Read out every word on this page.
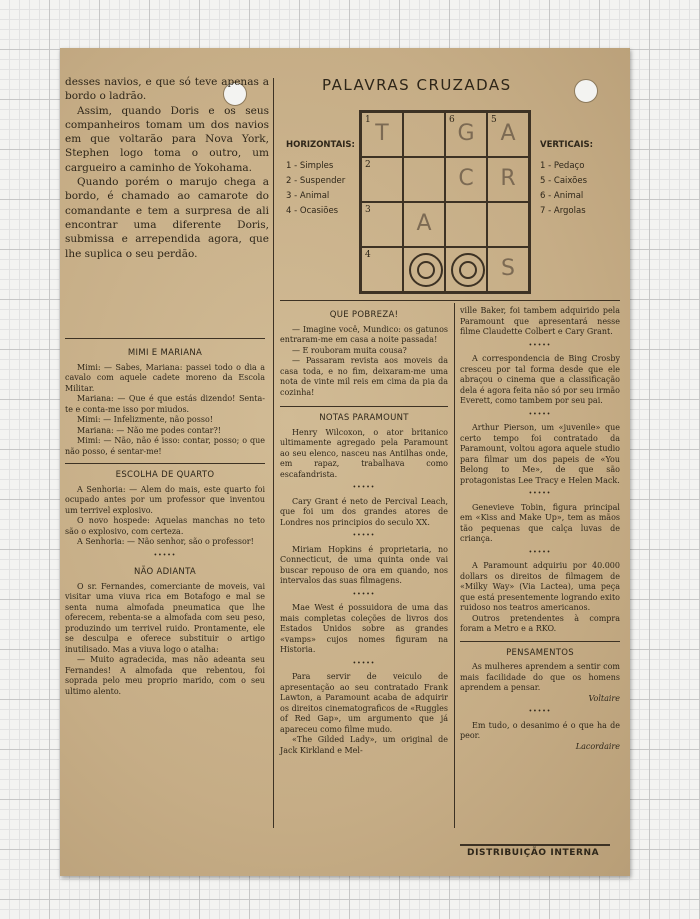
desses navios, e que só teve apenas a bordo o ladrão.

Assim, quando Doris e os seus companheiros tomam um dos navios em que voltarão para Nova York, Stephen logo toma o outro, um cargueiro a caminho de Yokohama.

Quando porém o marujo chega a bordo, é chamado ao camarote do comandante e tem a surpresa de ali encontrar uma diferente Doris, submissa e arrependida agora, que lhe suplica o seu perdão.

PALAVRAS CRUZADAS
HORIZONTAIS:
1 - Simples
2 - Suspender
3 - Animal
4 - Ocasiões
VERTICAIS:
1 - Pedaço
5 - Caixões
6 - Animal
7 - Argolas
1
T
6
G
5
A
2
C	R
3
A
4
S
MIMI E MARIANA

Mimi: — Sabes, Mariana: passei todo o dia a cavalo com aquele cadete moreno da Escola Militar.

Mariana: — Que é que estás dizendo! Senta-te e conta-me isso por miudos.

Mimi: — Infelizmente, não posso!

Mariana: — Não me podes contar?!

Mimi: — Não, não é isso: contar, posso; o que não posso, é sentar-me!

ESCOLHA DE QUARTO

A Senhoria: — Alem do mais, este quarto foi ocupado antes por um professor que inventou um terrivel explosivo.

O novo hospede: Aquelas manchas no teto são o explosivo, com certeza.

A Senhoria: — Não senhor, são o professor!

•••••
NÃO ADIANTA

O sr. Fernandes, comerciante de moveis, vai visitar uma viuva rica em Botafogo e mal se senta numa almofada pneumatica que lhe oferecem, rebenta-se a almofada com seu peso, produzindo um terrivel ruido. Prontamente, ele se desculpa e oferece substituir o artigo inutilisado. Mas a viuva logo o atalha:

— Muito agradecida, mas não adeanta seu Fernandes! A almofada que rebentou, foi soprada pelo meu proprio marido, com o seu ultimo alento.

QUE POBREZA!

— Imagine você, Mundico: os gatunos entraram-me em casa a noite passada!

— E rouboram muita cousa?

— Passaram revista aos moveis da casa toda, e no fim, deixaram-me uma nota de vinte mil reis em cima da pia da cozinha!

NOTAS PARAMOUNT

Henry Wilcoxon, o ator britanico ultimamente agregado pela Paramount ao seu elenco, nasceu nas Antilhas onde, em rapaz, trabalhava como escafandrista.

•••••

Cary Grant é neto de Percival Leach, que foi um dos grandes atores de Londres nos principios do seculo XX.

•••••

Miriam Hopkins é proprietaria, no Connecticut, de uma quinta onde vai buscar repouso de ora em quando, nos intervalos das suas filmagens.

•••••

Mae West é possuidora de uma das mais completas coleções de livros dos Estados Unidos sobre as grandes «vamps» cujos nomes figuram na Historia.

•••••

Para servir de veiculo de apresentação ao seu contratado Frank Lawton, a Paramount acaba de adquirir os direitos cinematograficos de «Ruggles of Red Gap», um argumento que já apareceu como filme mudo.

«The Gilded Lady», um original de Jack Kirkland e Mel-

ville Baker, foi tambem adquirido pela Paramount que apresentará nesse filme Claudette Colbert e Cary Grant.

•••••

A correspondencia de Bing Crosby cresceu por tal forma desde que ele abraçou o cinema que a classificação dela é agora feita não só por seu irmão Everett, como tambem por seu pai.

•••••

Arthur Pierson, um «juvenile» que certo tempo foi contratado da Paramount, voltou agora aquele studio para filmar um dos papeis de «You Belong to Me», de que são protagonistas Lee Tracy e Helen Mack.

•••••

Genevieve Tobin, figura principal em «Kiss and Make Up», tem as mãos tão pequenas que calça luvas de criança.

•••••

A Paramount adquiriu por 40.000 dollars os direitos de filmagem de «Milky Way» (Via Lactea), uma peça que está presentemente logrando exito ruidoso nos teatros americanos.

Outros pretendentes à compra foram a Metro e a RKO.

PENSAMENTOS

As mulheres aprendem a sentir com mais facilidade do que os homens aprendem a pensar.

Voltaire

•••••

Em tudo, o desanimo é o que ha de peor.

Lacordaire

DISTRIBUIÇÃO INTERNA
